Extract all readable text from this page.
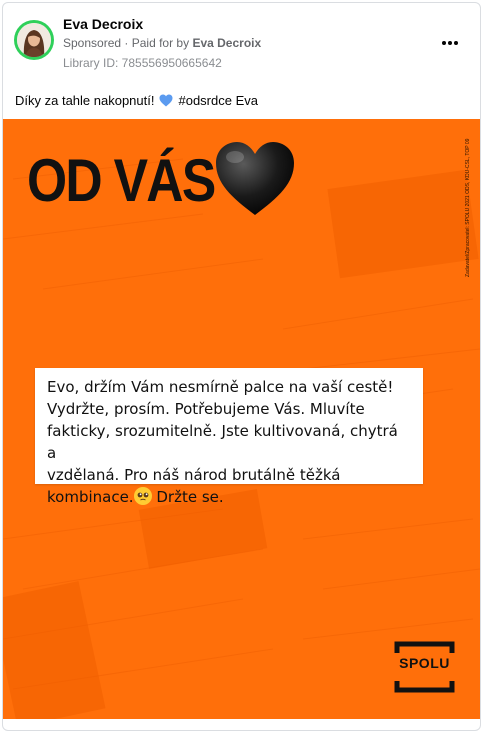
Eva Decroix
Sponsored · Paid for by Eva Decroix
Library ID: 785556950665642
Díky za tahle nakopnutí! #odsrdce Eva
OD VÁS	Zadavatel/Zpracovatel: SPOLU 2021 ODS, KDU-ČSL, TOP 09
Evo, držím Vám nesmírně palce na vaší cestě!
Vydržte, prosím. Potřebujeme Vás. Mluvíte
fakticky, srozumitelně. Jste kultivovaná, chytrá a
vzdělaná. Pro náš národ brutálně těžká
kombinace. Držte se.
SPOLU
